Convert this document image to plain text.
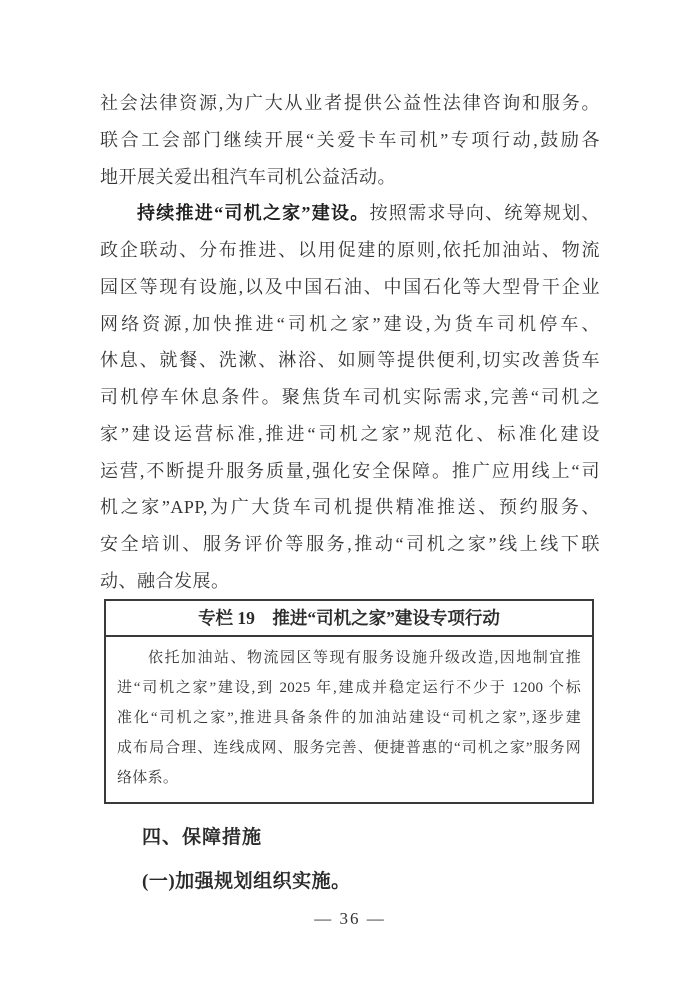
社会法律资源,为广大从业者提供公益性法律咨询和服务。
联合工会部门继续开展“关爱卡车司机”专项行动,鼓励各
地开展关爱出租汽车司机公益活动。
持续推进“司机之家”建设。按照需求导向、统筹规划、
政企联动、分布推进、以用促建的原则,依托加油站、物流
园区等现有设施,以及中国石油、中国石化等大型骨干企业
网络资源,加快推进“司机之家”建设,为货车司机停车、
休息、就餐、洗漱、淋浴、如厕等提供便利,切实改善货车
司机停车休息条件。聚焦货车司机实际需求,完善“司机之
家”建设运营标准,推进“司机之家”规范化、标准化建设
运营,不断提升服务质量,强化安全保障。推广应用线上“司
机之家”APP,为广大货车司机提供精准推送、预约服务、
安全培训、服务评价等服务,推动“司机之家”线上线下联
动、融合发展。
专栏 19　推进“司机之家”建设专项行动
依托加油站、物流园区等现有服务设施升级改造,因地制宜推
进“司机之家”建设,到 2025 年,建成并稳定运行不少于 1200 个标
准化“司机之家”,推进具备条件的加油站建设“司机之家”,逐步建
成布局合理、连线成网、服务完善、便捷普惠的“司机之家”服务网
络体系。
四、保障措施
(一)加强规划组织实施。
— 36 —
